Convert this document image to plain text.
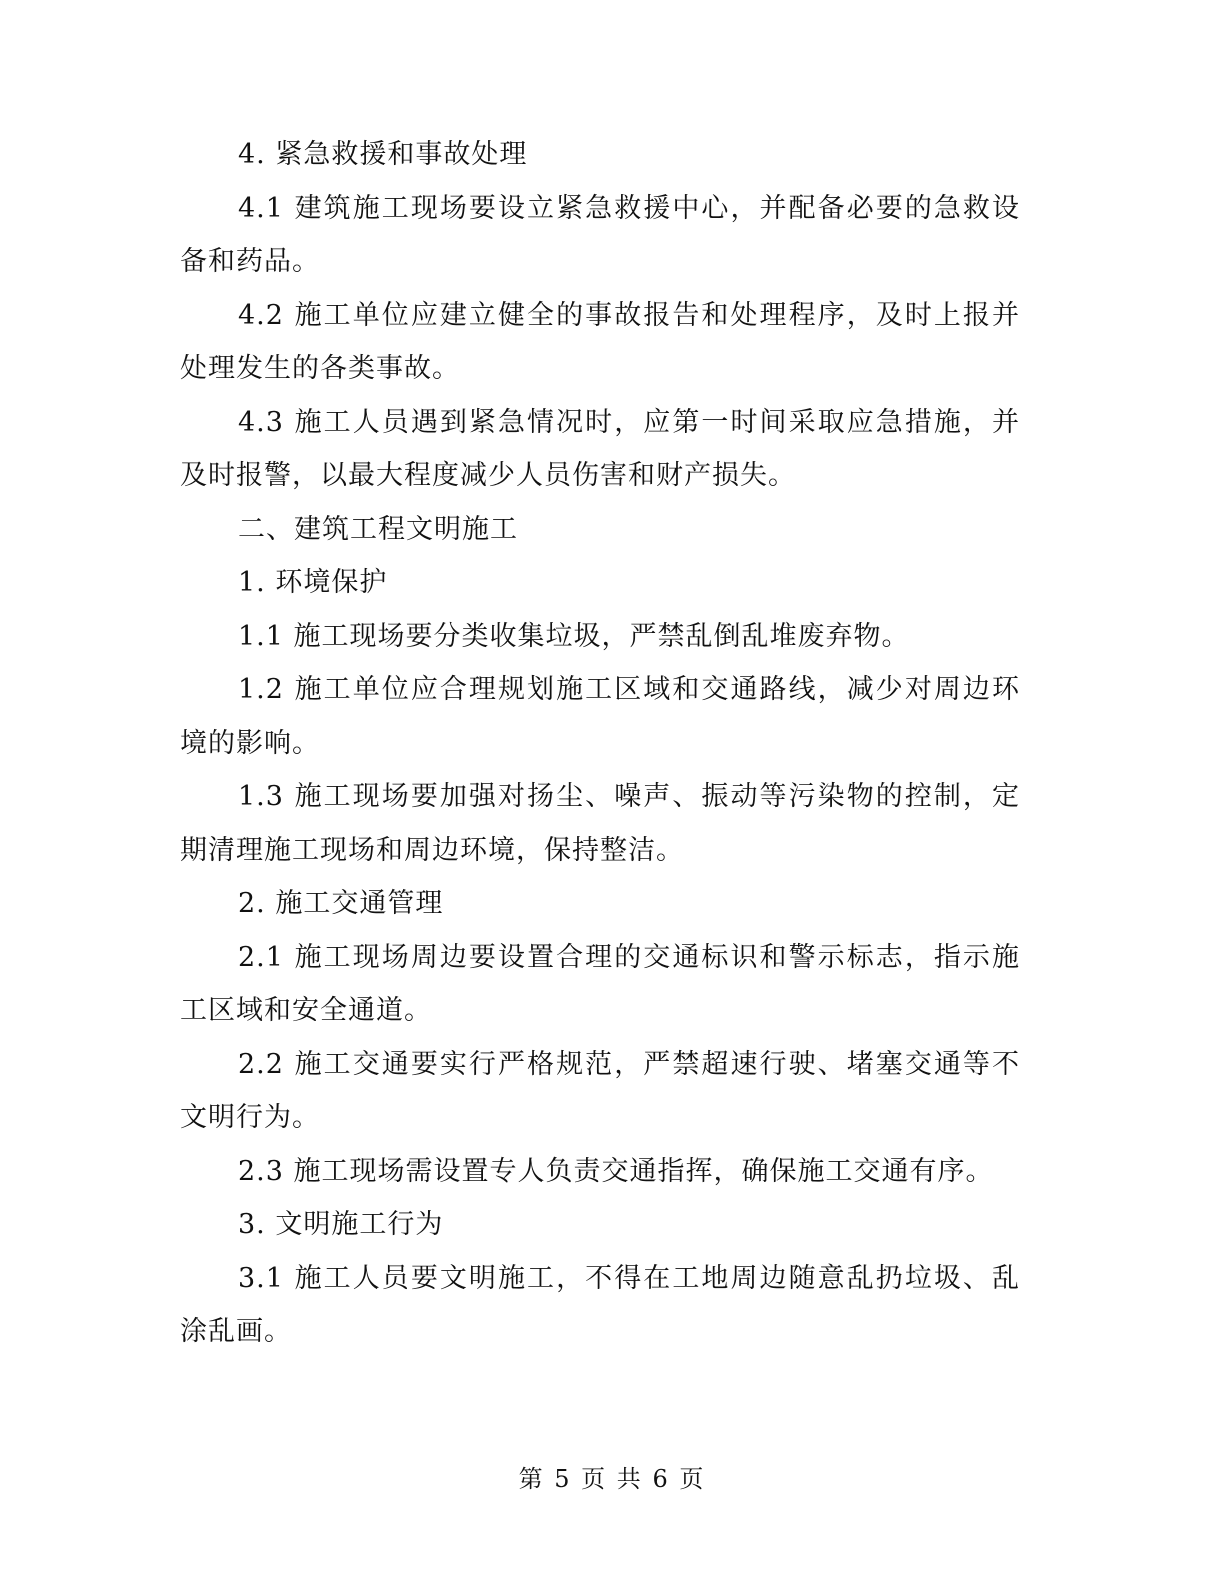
4. 紧急救援和事故处理

4.1 建筑施工现场要设立紧急救援中心，并配备必要的急救设备和药品。

4.2 施工单位应建立健全的事故报告和处理程序，及时上报并处理发生的各类事故。

4.3 施工人员遇到紧急情况时，应第一时间采取应急措施，并及时报警，以最大程度减少人员伤害和财产损失。

二、建筑工程文明施工

1. 环境保护

1.1 施工现场要分类收集垃圾，严禁乱倒乱堆废弃物。

1.2 施工单位应合理规划施工区域和交通路线，减少对周边环境的影响。

1.3 施工现场要加强对扬尘、噪声、振动等污染物的控制，定期清理施工现场和周边环境，保持整洁。

2. 施工交通管理

2.1 施工现场周边要设置合理的交通标识和警示标志，指示施工区域和安全通道。

2.2 施工交通要实行严格规范，严禁超速行驶、堵塞交通等不文明行为。

2.3 施工现场需设置专人负责交通指挥，确保施工交通有序。

3. 文明施工行为

3.1 施工人员要文明施工，不得在工地周边随意乱扔垃圾、乱涂乱画。

第 5 页 共 6 页
